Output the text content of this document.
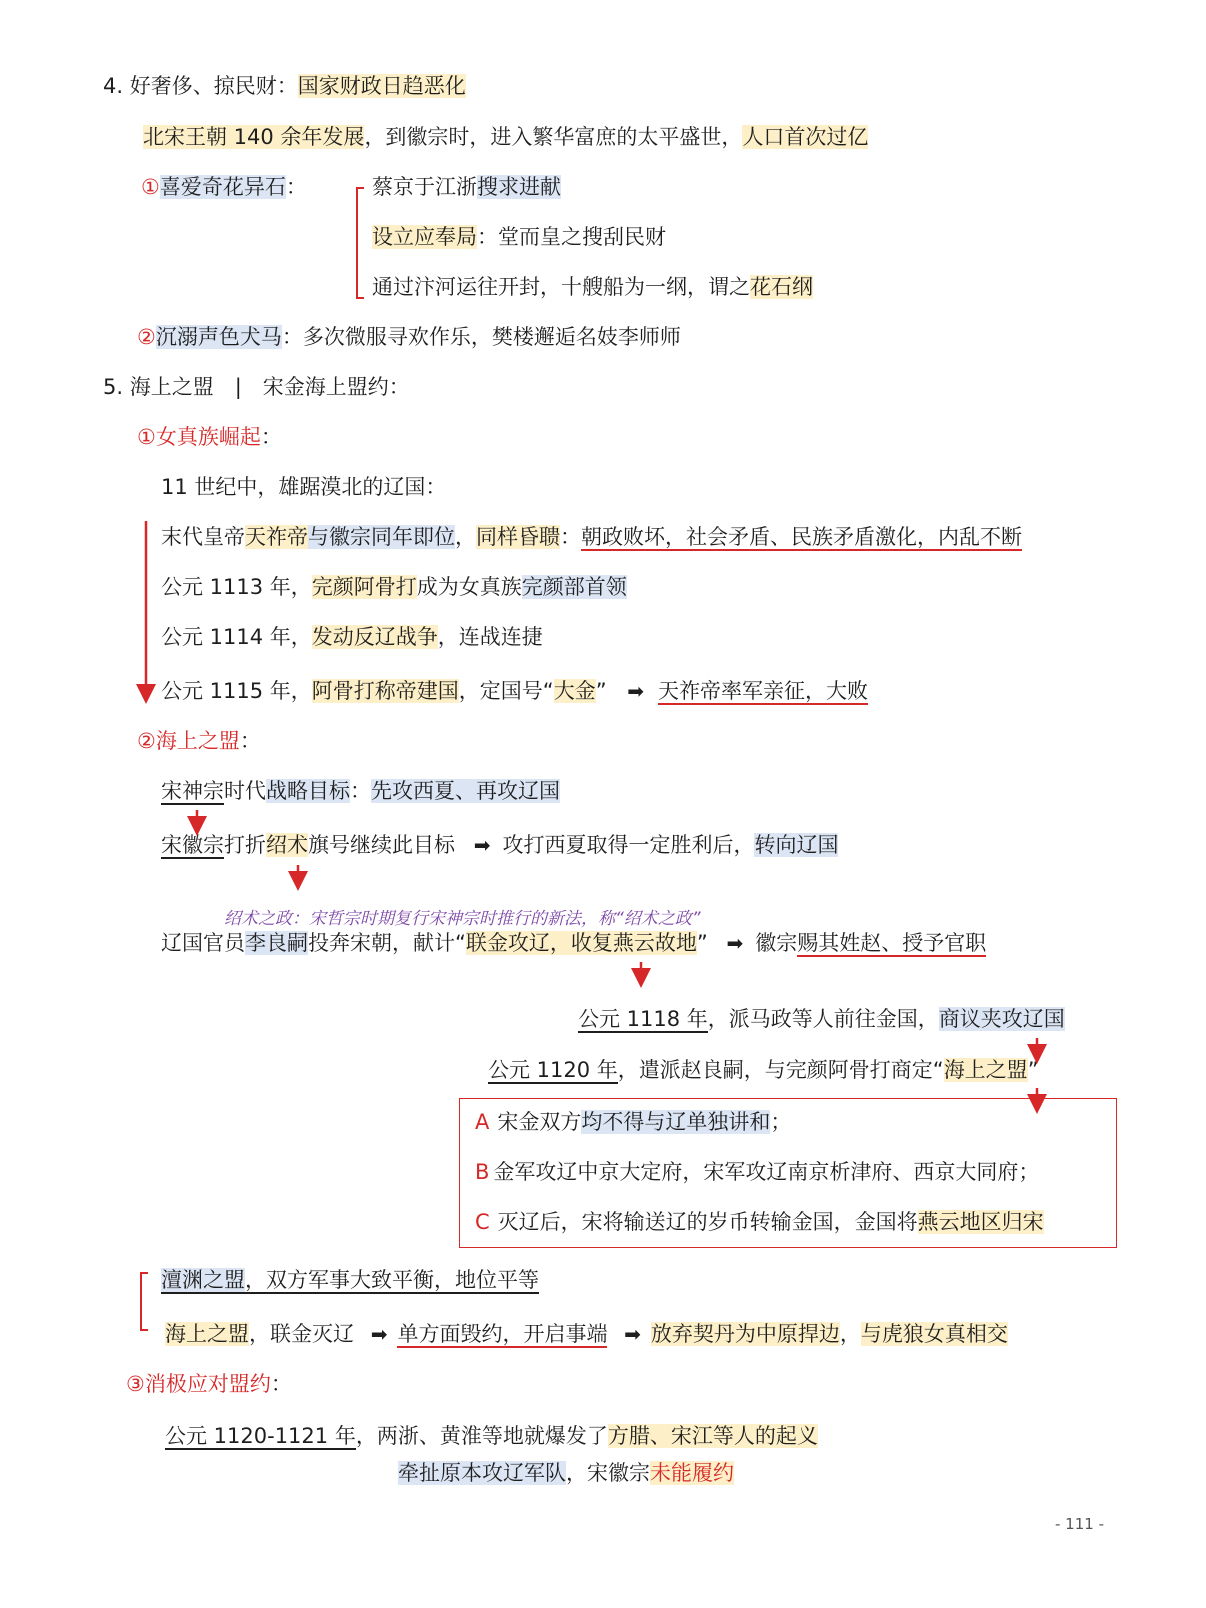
4. 好奢侈、掠民财：国家财政日趋恶化
北宋王朝 140 余年发展，到徽宗时，进入繁华富庶的太平盛世，人口首次过亿
①喜爱奇花异石：	蔡京于江浙搜求进献
设立应奉局：堂而皇之搜刮民财
通过汴河运往开封，十艘船为一纲，谓之花石纲
②沉溺声色犬马：多次微服寻欢作乐，樊楼邂逅名妓李师师
5. 海上之盟　|　宋金海上盟约：
①女真族崛起：
11 世纪中，雄踞漠北的辽国：
末代皇帝天祚帝与徽宗同年即位，同样昏聩：朝政败坏，社会矛盾、民族矛盾激化，内乱不断
公元 1113 年，完颜阿骨打成为女真族完颜部首领
公元 1114 年，发动反辽战争，连战连捷
公元 1115 年，阿骨打称帝建国，定国号“大金” ➡ 天祚帝率军亲征，大败
②海上之盟：
宋神宗时代战略目标：先攻西夏、再攻辽国
宋徽宗打折绍术旗号继续此目标 ➡ 攻打西夏取得一定胜利后，转向辽国
绍术之政：宋哲宗时期复行宋神宗时推行的新法，称“绍术之政”
辽国官员李良嗣投奔宋朝，献计“联金攻辽，收复燕云故地” ➡ 徽宗赐其姓赵、授予官职
公元 1118 年，派马政等人前往金国，商议夹攻辽国
公元 1120 年，遣派赵良嗣，与完颜阿骨打商定“海上之盟”
A 宋金双方均不得与辽单独讲和；
B 金军攻辽中京大定府，宋军攻辽南京析津府、西京大同府；
C 灭辽后，宋将输送辽的岁币转输金国，金国将燕云地区归宋
澶渊之盟，双方军事大致平衡，地位平等
海上之盟，联金灭辽 ➡ 单方面毁约，开启事端 ➡ 放弃契丹为中原捍边，与虎狼女真相交
③消极应对盟约：
公元 1120-1121 年，两浙、黄淮等地就爆发了方腊、宋江等人的起义
牵扯原本攻辽军队，宋徽宗未能履约
- 111 -
